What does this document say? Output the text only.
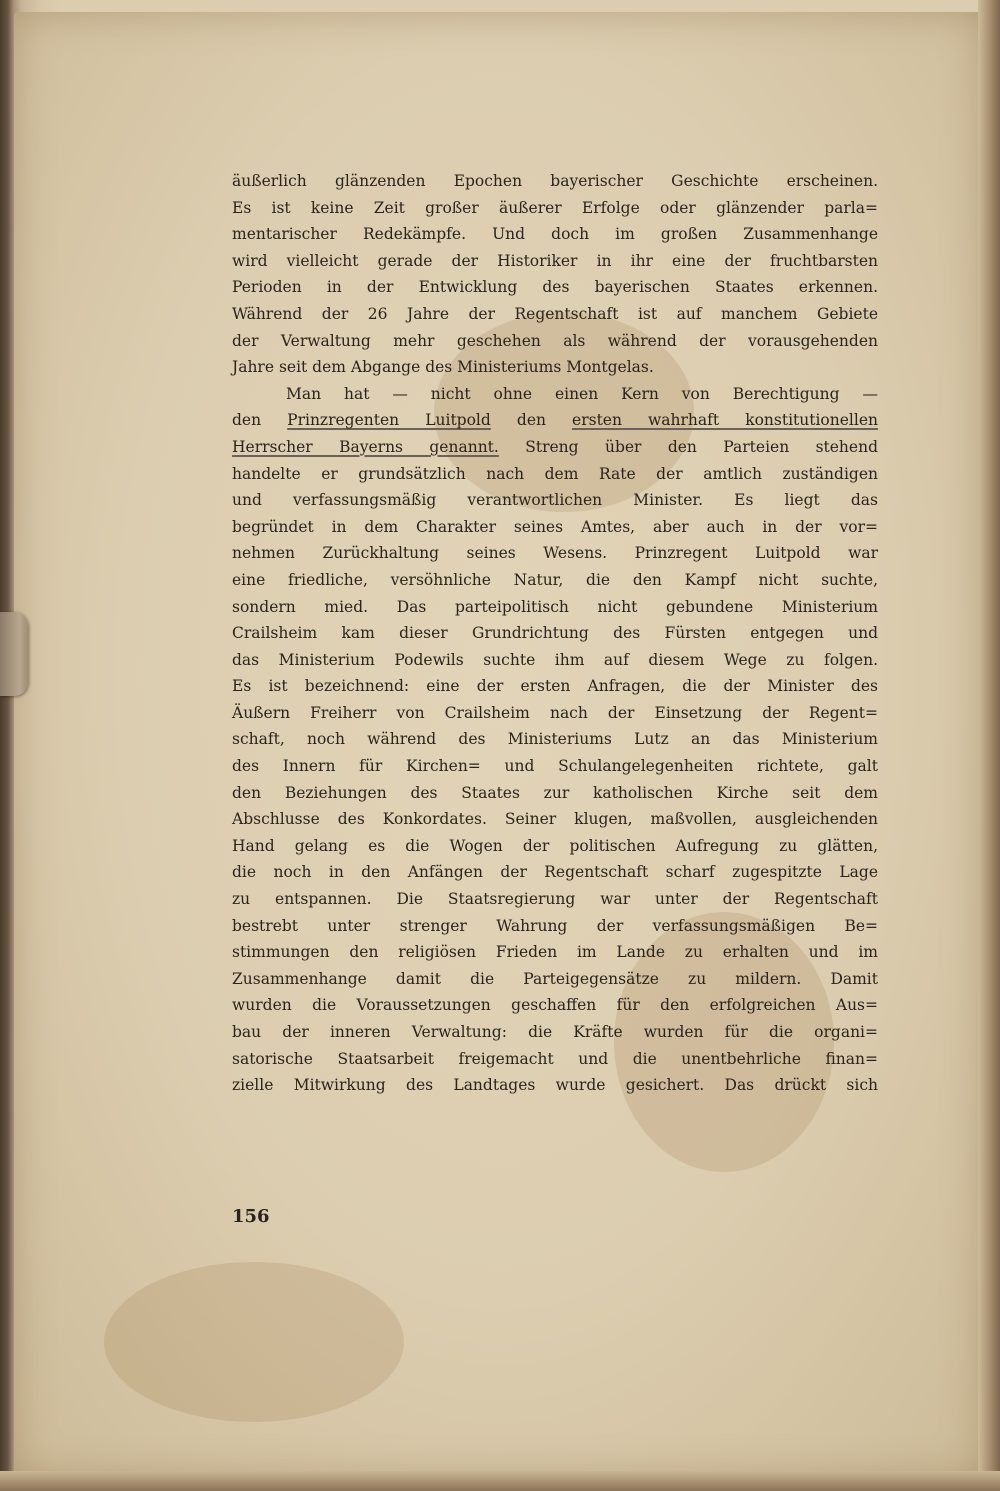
äußerlich glänzenden Epochen bayerischer Geschichte erscheinen.
Es ist keine Zeit großer äußerer Erfolge oder glänzender parla=
mentarischer Redekämpfe. Und doch im großen Zusammenhange
wird vielleicht gerade der Historiker in ihr eine der fruchtbarsten
Perioden in der Entwicklung des bayerischen Staates erkennen.
Während der 26 Jahre der Regentschaft ist auf manchem Gebiete
der Verwaltung mehr geschehen als während der vorausgehenden
Jahre seit dem Abgange des Ministeriums Montgelas.
Man hat — nicht ohne einen Kern von Berechtigung —
den Prinzregenten Luitpold den ersten wahrhaft konstitutionellen
Herrscher Bayerns genannt. Streng über den Parteien stehend
handelte er grundsätzlich nach dem Rate der amtlich zuständigen
und verfassungsmäßig verantwortlichen Minister. Es liegt das
begründet in dem Charakter seines Amtes, aber auch in der vor=
nehmen Zurückhaltung seines Wesens. Prinzregent Luitpold war
eine friedliche, versöhnliche Natur, die den Kampf nicht suchte,
sondern mied. Das parteipolitisch nicht gebundene Ministerium
Crailsheim kam dieser Grundrichtung des Fürsten entgegen und
das Ministerium Podewils suchte ihm auf diesem Wege zu folgen.
Es ist bezeichnend: eine der ersten Anfragen, die der Minister des
Äußern Freiherr von Crailsheim nach der Einsetzung der Regent=
schaft, noch während des Ministeriums Lutz an das Ministerium
des Innern für Kirchen= und Schulangelegenheiten richtete, galt
den Beziehungen des Staates zur katholischen Kirche seit dem
Abschlusse des Konkordates. Seiner klugen, maßvollen, ausgleichenden
Hand gelang es die Wogen der politischen Aufregung zu glätten,
die noch in den Anfängen der Regentschaft scharf zugespitzte Lage
zu entspannen. Die Staatsregierung war unter der Regentschaft
bestrebt unter strenger Wahrung der verfassungsmäßigen Be=
stimmungen den religiösen Frieden im Lande zu erhalten und im
Zusammenhange damit die Parteigegensätze zu mildern. Damit
wurden die Voraussetzungen geschaffen für den erfolgreichen Aus=
bau der inneren Verwaltung: die Kräfte wurden für die organi=
satorische Staatsarbeit freigemacht und die unentbehrliche finan=
zielle Mitwirkung des Landtages wurde gesichert. Das drückt sich
156
